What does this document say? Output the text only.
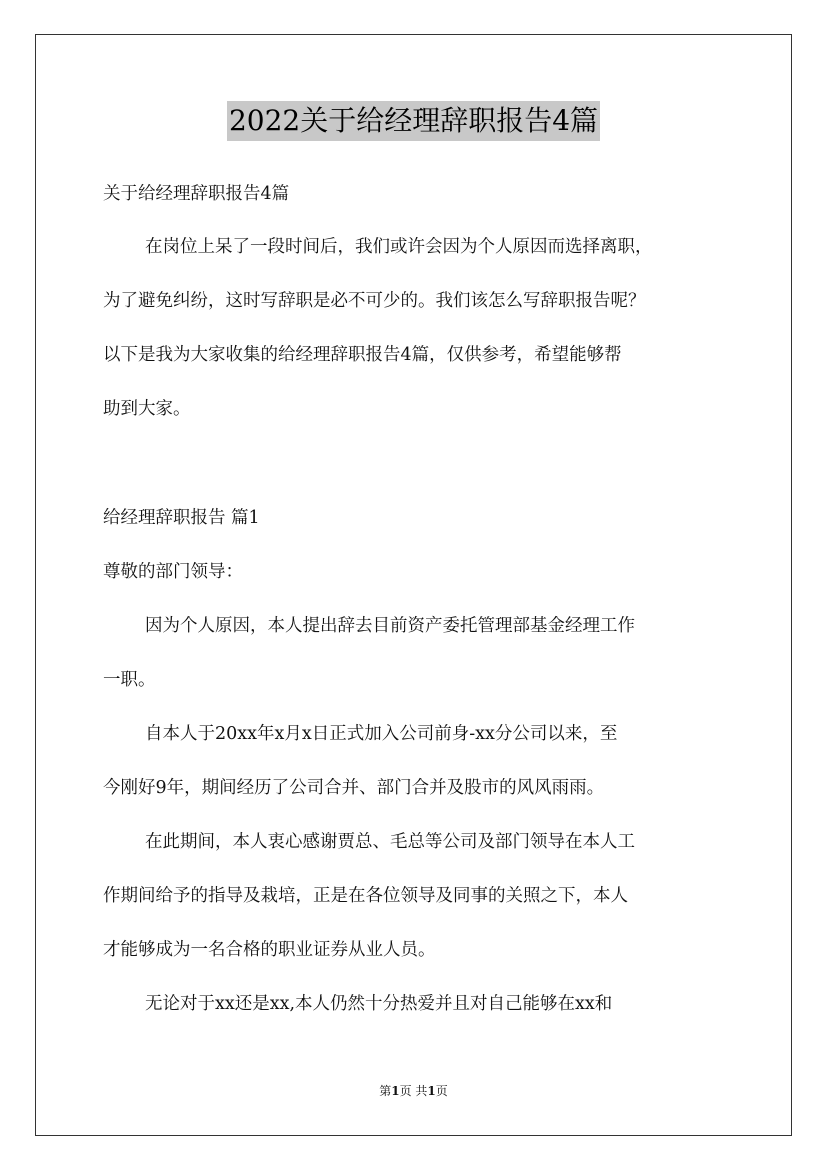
2022关于给经理辞职报告4篇
关于给经理辞职报告4篇
在岗位上呆了一段时间后，我们或许会因为个人原因而选择离职，
为了避免纠纷，这时写辞职是必不可少的。我们该怎么写辞职报告呢？
以下是我为大家收集的给经理辞职报告4篇，仅供参考，希望能够帮
助到大家。
给经理辞职报告 篇1
尊敬的部门领导：
因为个人原因，本人提出辞去目前资产委托管理部基金经理工作
一职。
自本人于20xx年x月x日正式加入公司前身-xx分公司以来，至
今刚好9年，期间经历了公司合并、部门合并及股市的风风雨雨。
在此期间，本人衷心感谢贾总、毛总等公司及部门领导在本人工
作期间给予的指导及栽培，正是在各位领导及同事的关照之下，本人
才能够成为一名合格的职业证券从业人员。
无论对于xx还是xx,本人仍然十分热爱并且对自己能够在xx和
第1页 共1页
